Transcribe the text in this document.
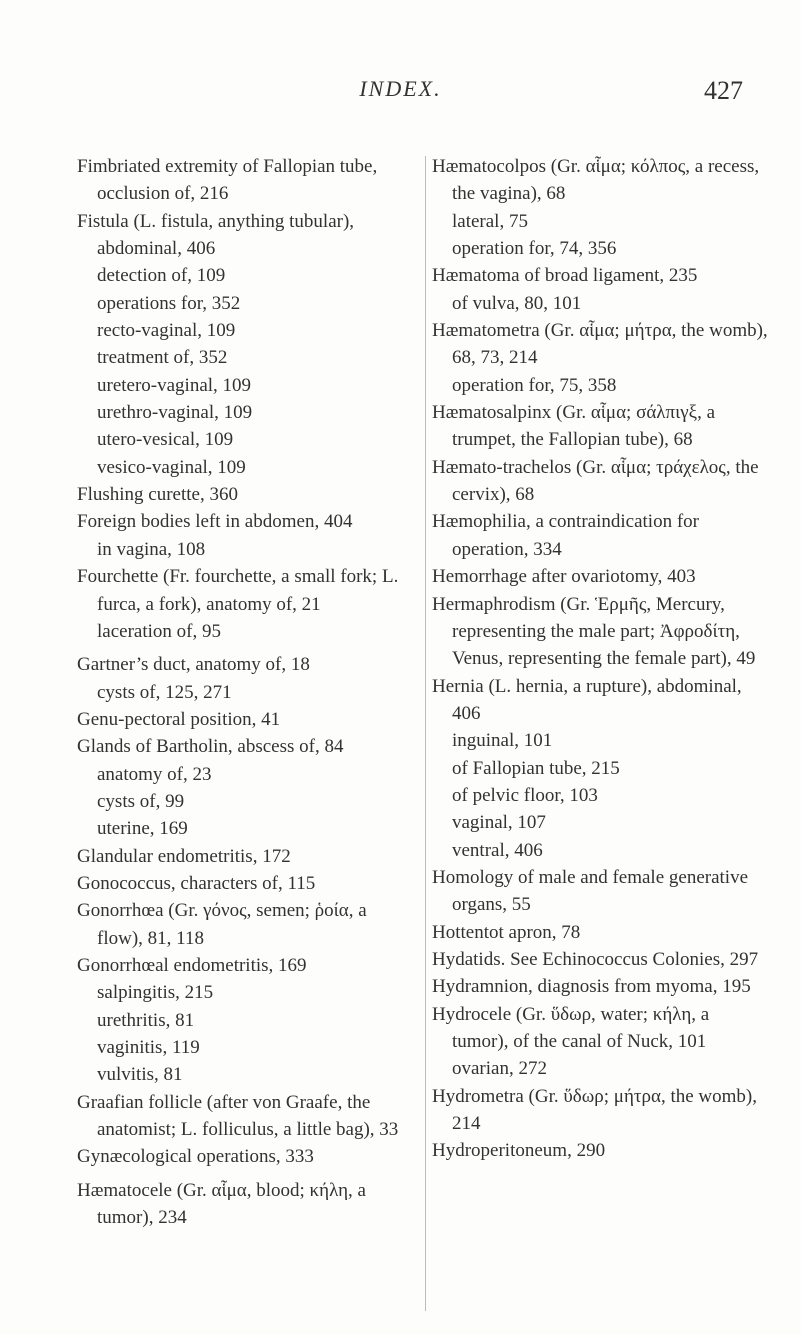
INDEX.	427

Fimbriated extremity of Fallopian tube, occlusion of, 216

Fistula (L. fistula, anything tubular), abdominal, 406

detection of, 109

operations for, 352

recto-vaginal, 109

treatment of, 352

uretero-vaginal, 109

urethro-vaginal, 109

utero-vesical, 109

vesico-vaginal, 109

Flushing curette, 360

Foreign bodies left in abdomen, 404

in vagina, 108

Fourchette (Fr. fourchette, a small fork; L. furca, a fork), anatomy of, 21

laceration of, 95

Gartner’s duct, anatomy of, 18

cysts of, 125, 271

Genu-pectoral position, 41

Glands of Bartholin, abscess of, 84

anatomy of, 23

cysts of, 99

uterine, 169

Glandular endometritis, 172

Gonococcus, characters of, 115

Gonorrhœa (Gr. γόνος, semen; ῥοία, a flow), 81, 118

Gonorrhœal endometritis, 169

salpingitis, 215

urethritis, 81

vaginitis, 119

vulvitis, 81

Graafian follicle (after von Graafe, the anatomist; L. folliculus, a little bag), 33

Gynæcological operations, 333

Hæmatocele (Gr. αἷμα, blood; κήλη, a tumor), 234

Hæmatocolpos (Gr. αἷμα; κόλπος, a recess, the vagina), 68

lateral, 75

operation for, 74, 356

Hæmatoma of broad ligament, 235

of vulva, 80, 101

Hæmatometra (Gr. αἷμα; μήτρα, the womb), 68, 73, 214

operation for, 75, 358

Hæmatosalpinx (Gr. αἷμα; σάλπιγξ, a trumpet, the Fallopian tube), 68

Hæmato-trachelos (Gr. αἷμα; τράχελος, the cervix), 68

Hæmophilia, a contraindication for operation, 334

Hemorrhage after ovariotomy, 403

Hermaphrodism (Gr. Ἑρμῆς, Mercury, representing the male part; Ἀφροδίτη, Venus, representing the female part), 49

Hernia (L. hernia, a rupture), abdominal, 406

inguinal, 101

of Fallopian tube, 215

of pelvic floor, 103

vaginal, 107

ventral, 406

Homology of male and female generative organs, 55

Hottentot apron, 78

Hydatids. See Echinococcus Colonies, 297

Hydramnion, diagnosis from myoma, 195

Hydrocele (Gr. ὕδωρ, water; κήλη, a tumor), of the canal of Nuck, 101

ovarian, 272

Hydrometra (Gr. ὕδωρ; μήτρα, the womb), 214

Hydroperitoneum, 290
